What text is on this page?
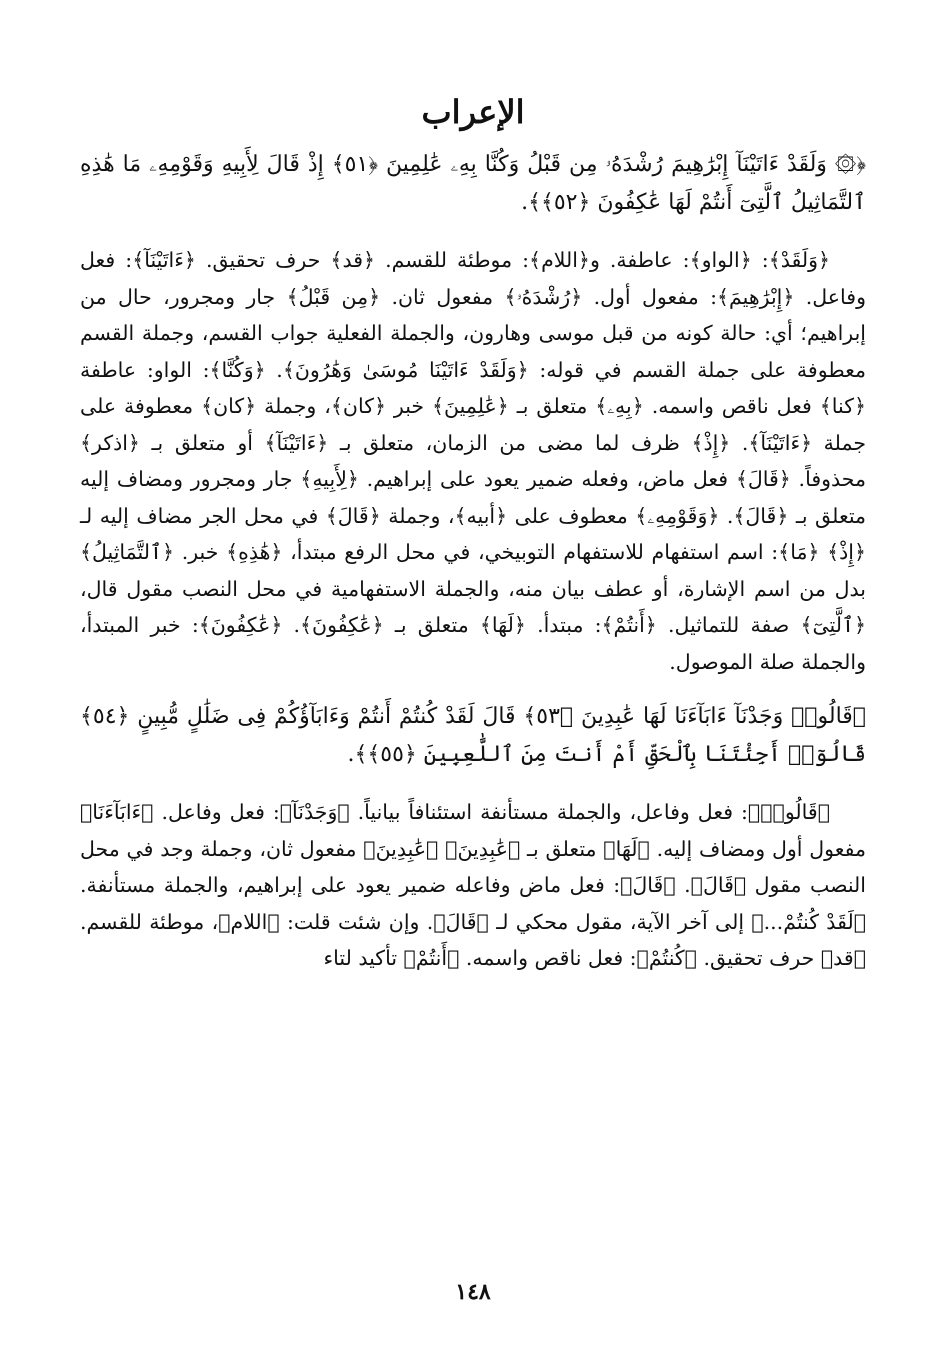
الإعراب

﴿۞ وَلَقَدْ ءَاتَيْنَآ إِبْرَٰهِيمَ رُشْدَهُۥ مِن قَبْلُ وَكُنَّا بِهِۦ عَٰلِمِينَ ﴿٥١﴾ إِذْ قَالَ لِأَبِيهِ وَقَوْمِهِۦ مَا هَٰذِهِ ٱلتَّمَاثِيلُ ٱلَّتِىٓ أَنتُمْ لَهَا عَٰكِفُونَ ﴿٥٢﴾﴾.

﴿وَلَقَدْ﴾: ﴿الواو﴾: عاطفة. و﴿اللام﴾: موطئة للقسم. ﴿قد﴾ حرف تحقيق. ﴿ءَاتَيْنَآ﴾: فعل وفاعل. ﴿إِبْرَٰهِيمَ﴾: مفعول أول. ﴿رُشْدَهُۥ﴾ مفعول ثان. ﴿مِن قَبْلُ﴾ جار ومجرور، حال من إبراهيم؛ أي: حالة كونه من قبل موسى وهارون، والجملة الفعلية جواب القسم، وجملة القسم معطوفة على جملة القسم في قوله: ﴿وَلَقَدْ ءَاتَيْنَا مُوسَىٰ وَهَٰرُونَ﴾. ﴿وَكُنَّا﴾: الواو: عاطفة ﴿كنا﴾ فعل ناقص واسمه. ﴿بِهِۦ﴾ متعلق بـ ﴿عَٰلِمِينَ﴾ خبر ﴿كان﴾، وجملة ﴿كان﴾ معطوفة على جملة ﴿ءَاتَيْنَآ﴾. ﴿إِذْ﴾ ظرف لما مضى من الزمان، متعلق بـ ﴿ءَاتَيْنَآ﴾ أو متعلق بـ ﴿اذكر﴾ محذوفاً. ﴿قَالَ﴾ فعل ماض، وفعله ضمير يعود على إبراهيم. ﴿لِأَبِيهِ﴾ جار ومجرور ومضاف إليه متعلق بـ ﴿قَالَ﴾. ﴿وَقَوْمِهِۦ﴾ معطوف على ﴿أبيه﴾، وجملة ﴿قَالَ﴾ في محل الجر مضاف إليه لـ ﴿إِذْ﴾ ﴿مَا﴾: اسم استفهام للاستفهام التوبيخي، في محل الرفع مبتدأ، ﴿هَٰذِهِ﴾ خبر. ﴿ٱلتَّمَاثِيلُ﴾ بدل من اسم الإشارة، أو عطف بيان منه، والجملة الاستفهامية في محل النصب مقول قال، ﴿ٱلَّتِىٓ﴾ صفة للتماثيل. ﴿أَنتُمْ﴾: مبتدأ. ﴿لَهَا﴾ متعلق بـ ﴿عَٰكِفُونَ﴾. ﴿عَٰكِفُونَ﴾: خبر المبتدأ، والجملة صلة الموصول.

﴿قَالُوا۟ وَجَدْنَآ ءَابَآءَنَا لَهَا عَٰبِدِينَ ﴿٥٣﴾ قَالَ لَقَدْ كُنتُمْ أَنتُمْ وَءَابَآؤُكُمْ فِى ضَلَٰلٍ مُّبِينٍ ﴿٥٤﴾ قَالُوٓا۟ أَجِئْتَنَا بِٱلْحَقِّ أَمْ أَنتَ مِنَ ٱللَّٰعِبِينَ ﴿٥٥﴾﴾.

﴿قَالُوا۟﴾: فعل وفاعل، والجملة مستأنفة استئنافاً بيانياً. ﴿وَجَدْنَآ﴾: فعل وفاعل. ﴿ءَابَآءَنَا﴾ مفعول أول ومضاف إليه. ﴿لَهَا﴾ متعلق بـ ﴿عَٰبِدِينَ﴾ ﴿عَٰبِدِينَ﴾ مفعول ثان، وجملة وجد في محل النصب مقول ﴿قَالَ﴾. ﴿قَالَ﴾: فعل ماض وفاعله ضمير يعود على إبراهيم، والجملة مستأنفة. ﴿لَقَدْ كُنتُمْ...﴾ إلى آخر الآية، مقول محكي لـ ﴿قَالَ﴾. وإن شئت قلت: ﴿اللام﴾، موطئة للقسم. ﴿قد﴾ حرف تحقيق. ﴿كُنتُمْ﴾: فعل ناقص واسمه. ﴿أَنتُمْ﴾ تأكيد لتاء

١٤٨
